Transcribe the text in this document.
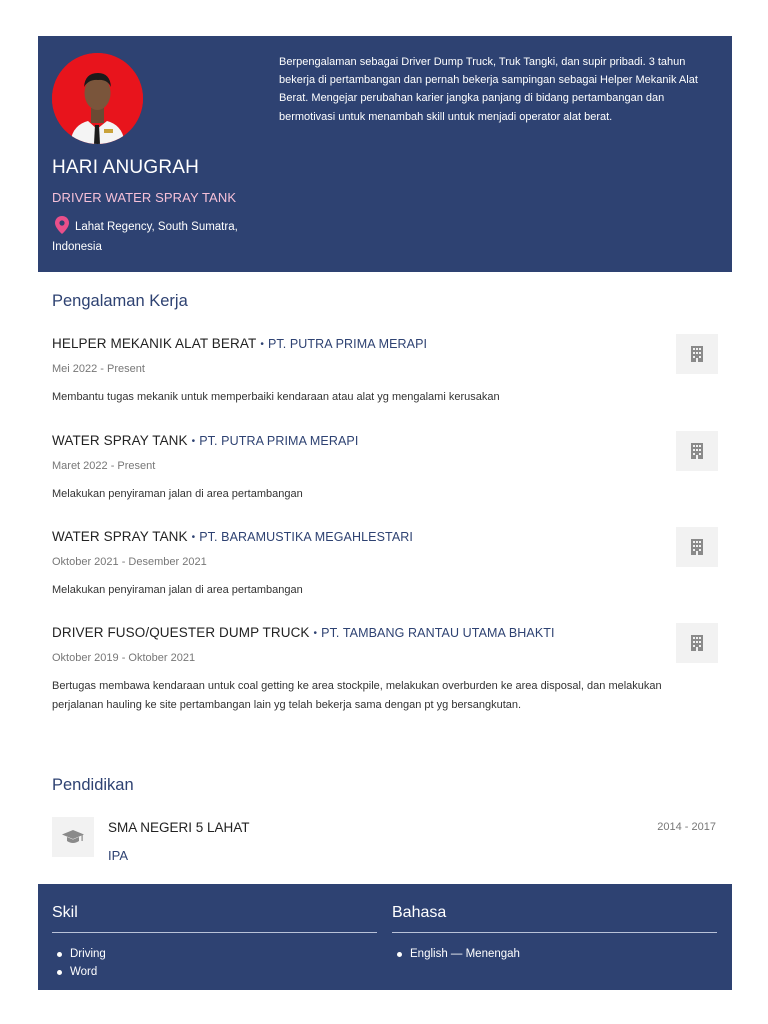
HARI ANUGRAH
DRIVER WATER SPRAY TANK
Lahat Regency, South Sumatra, Indonesia
Berpengalaman sebagai Driver Dump Truck, Truk Tangki, dan supir pribadi. 3 tahun bekerja di pertambangan dan pernah bekerja sampingan sebagai Helper Mekanik Alat Berat. Mengejar perubahan karier jangka panjang di bidang pertambangan dan bermotivasi untuk menambah skill untuk menjadi operator alat berat.
Pengalaman Kerja
HELPER MEKANIK ALAT BERAT • PT. PUTRA PRIMA MERAPI
Mei 2022 - Present
Membantu tugas mekanik untuk memperbaiki kendaraan atau alat yg mengalami kerusakan
WATER SPRAY TANK • PT. PUTRA PRIMA MERAPI
Maret 2022 - Present
Melakukan penyiraman jalan di area pertambangan
WATER SPRAY TANK • PT. BARAMUSTIKA MEGAHLESTARI
Oktober 2021 - Desember 2021
Melakukan penyiraman jalan di area pertambangan
DRIVER FUSO/QUESTER DUMP TRUCK • PT. TAMBANG RANTAU UTAMA BHAKTI
Oktober 2019 - Oktober 2021
Bertugas membawa kendaraan untuk coal getting ke area stockpile, melakukan overburden ke area disposal, dan melakukan perjalanan hauling ke site pertambangan lain yg telah bekerja sama dengan pt yg bersangkutan.
Pendidikan
SMA NEGERI 5 LAHAT
IPA
2014 - 2017
Skil
Driving
Word
Bahasa
English — Menengah
